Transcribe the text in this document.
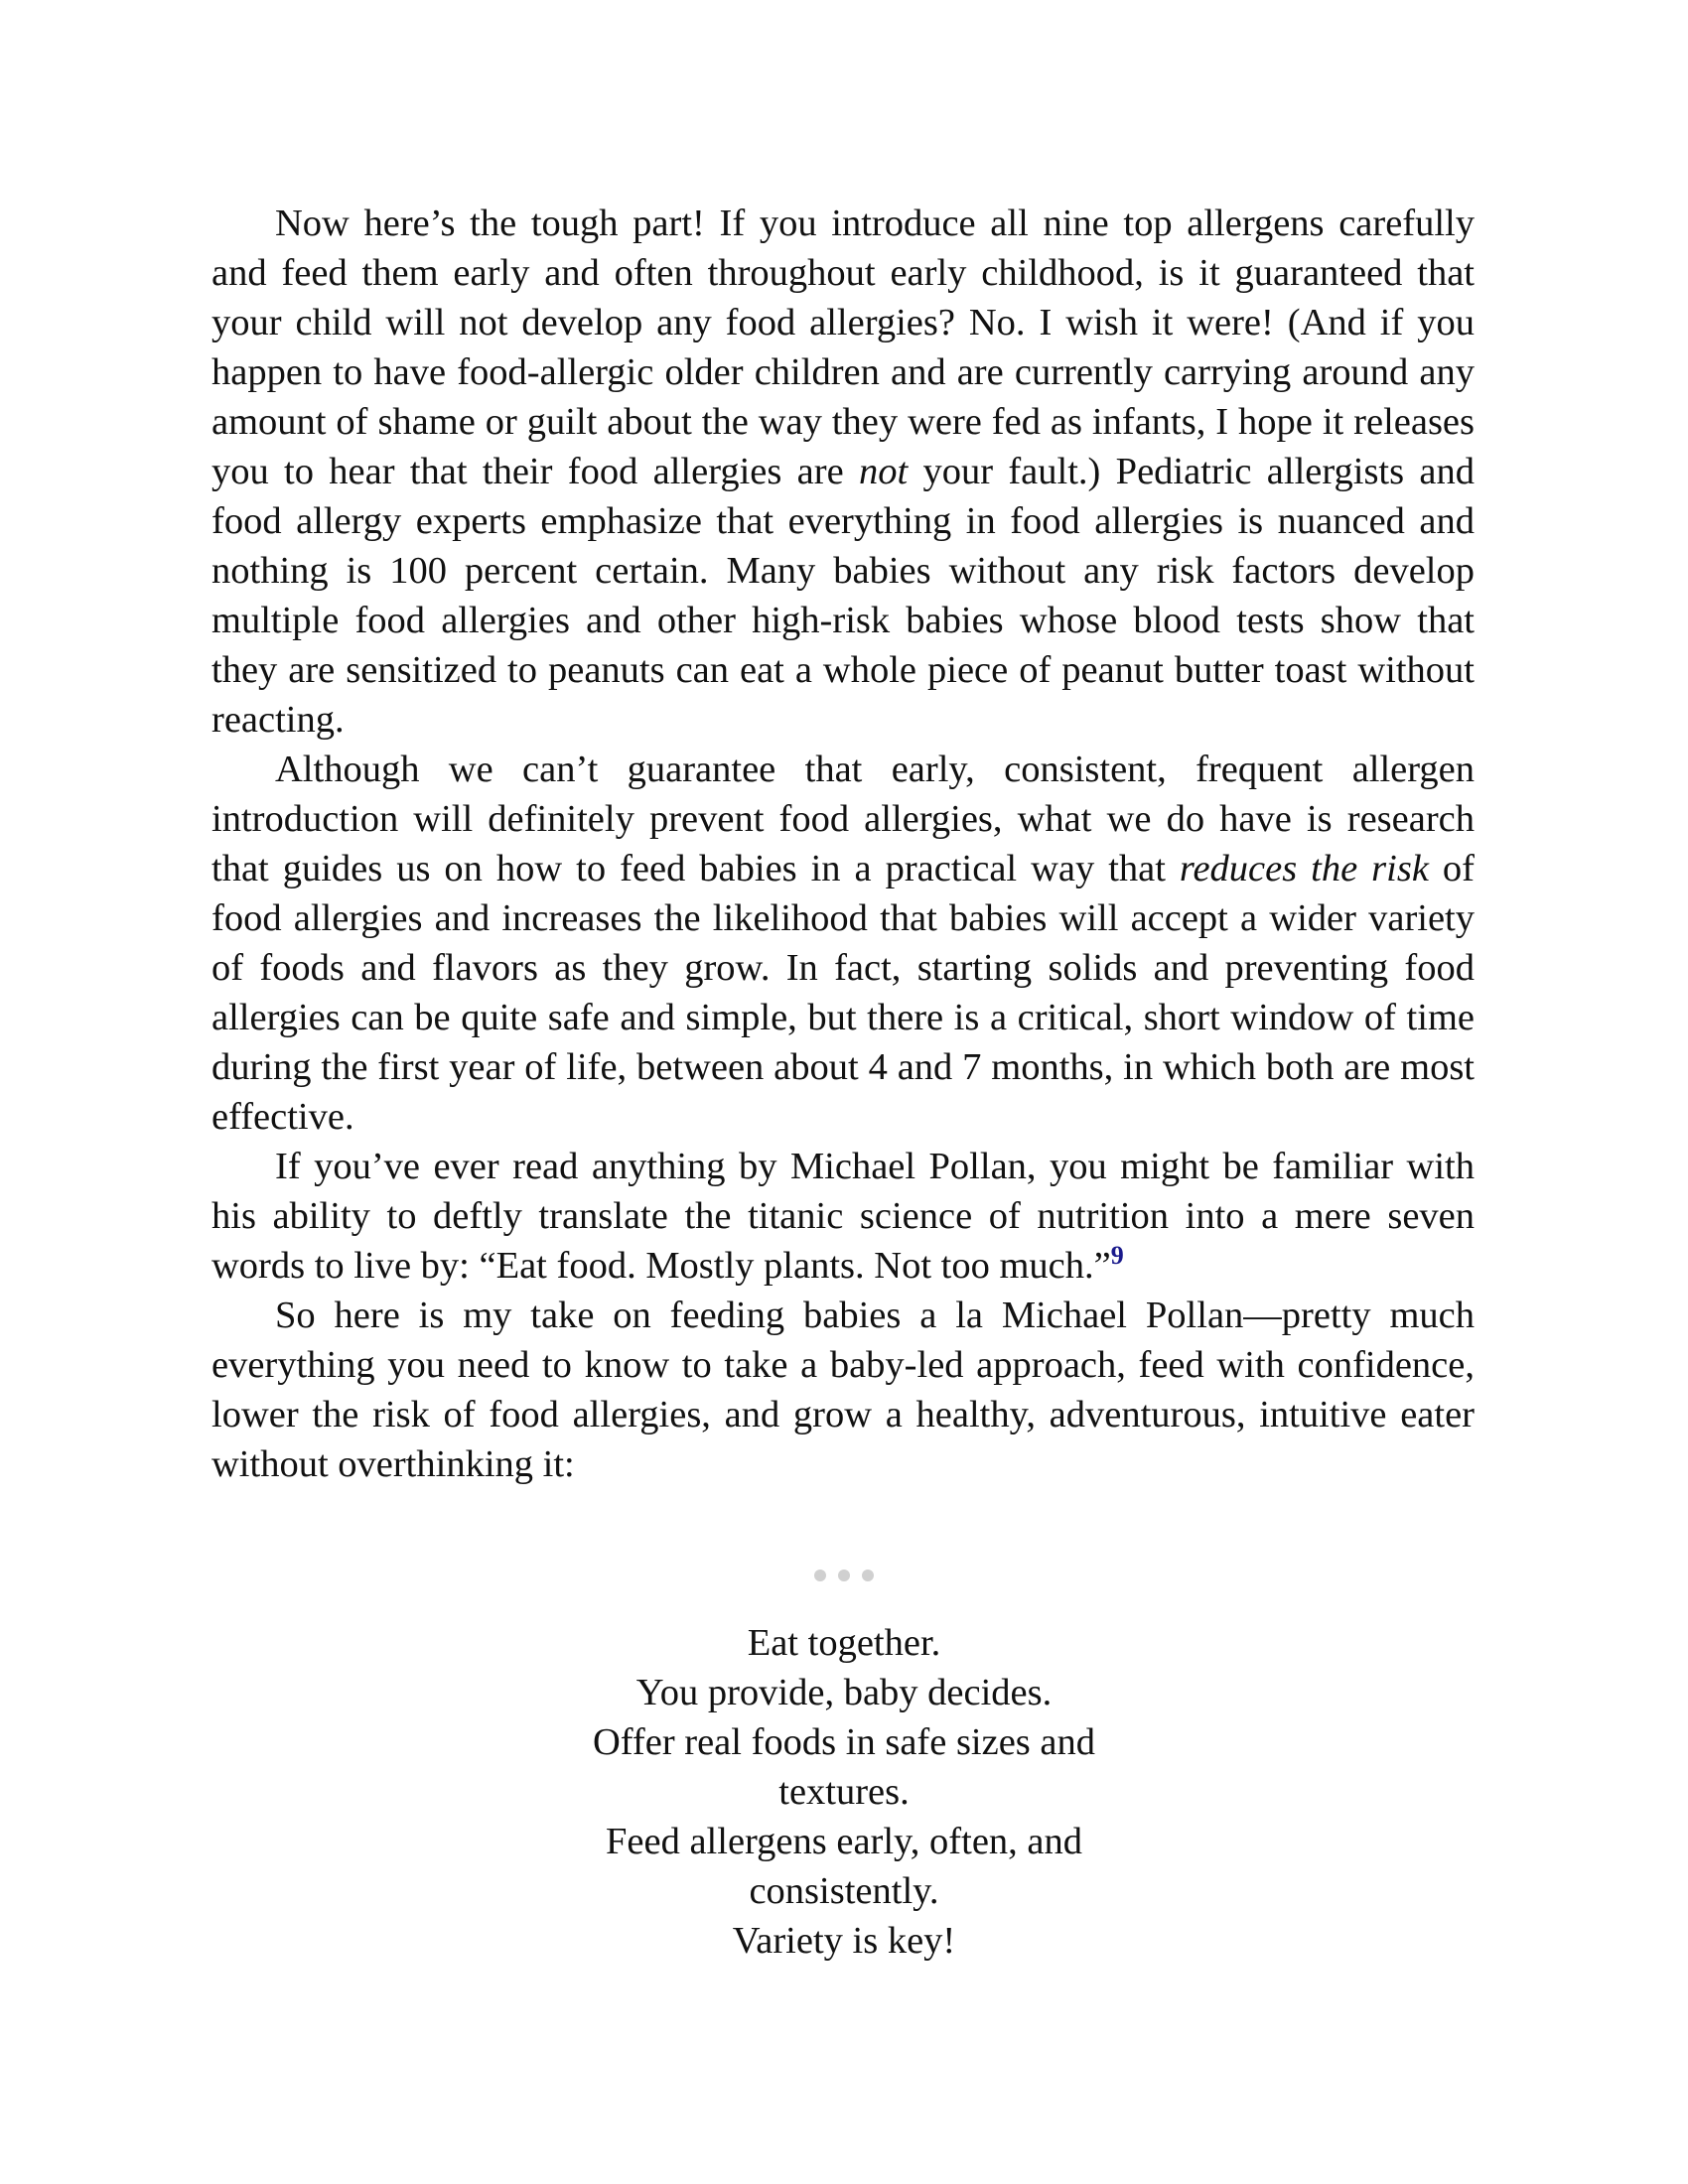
Now here’s the tough part! If you introduce all nine top allergens carefully and feed them early and often throughout early childhood, is it guaranteed that your child will not develop any food allergies? No. I wish it were! (And if you happen to have food-allergic older children and are currently carrying around any amount of shame or guilt about the way they were fed as infants, I hope it releases you to hear that their food allergies are not your fault.) Pediatric allergists and food allergy experts emphasize that everything in food allergies is nuanced and nothing is 100 percent certain. Many babies without any risk factors develop multiple food allergies and other high-risk babies whose blood tests show that they are sensitized to peanuts can eat a whole piece of peanut butter toast without reacting.

Although we can’t guarantee that early, consistent, frequent allergen introduction will definitely prevent food allergies, what we do have is research that guides us on how to feed babies in a practical way that reduces the risk of food allergies and increases the likelihood that babies will accept a wider variety of foods and flavors as they grow. In fact, starting solids and preventing food allergies can be quite safe and simple, but there is a critical, short window of time during the first year of life, between about 4 and 7 months, in which both are most effective.

If you’ve ever read anything by Michael Pollan, you might be familiar with his ability to deftly translate the titanic science of nutrition into a mere seven words to live by: “Eat food. Mostly plants. Not too much.”$^9$

So here is my take on feeding babies a la Michael Pollan—pretty much everything you need to know to take a baby-led approach, feed with confidence, lower the risk of food allergies, and grow a healthy, adventurous, intuitive eater without overthinking it:

Eat together.
You provide, baby decides.
Offer real foods in safe sizes and textures.
Feed allergens early, often, and consistently.
Variety is key!
